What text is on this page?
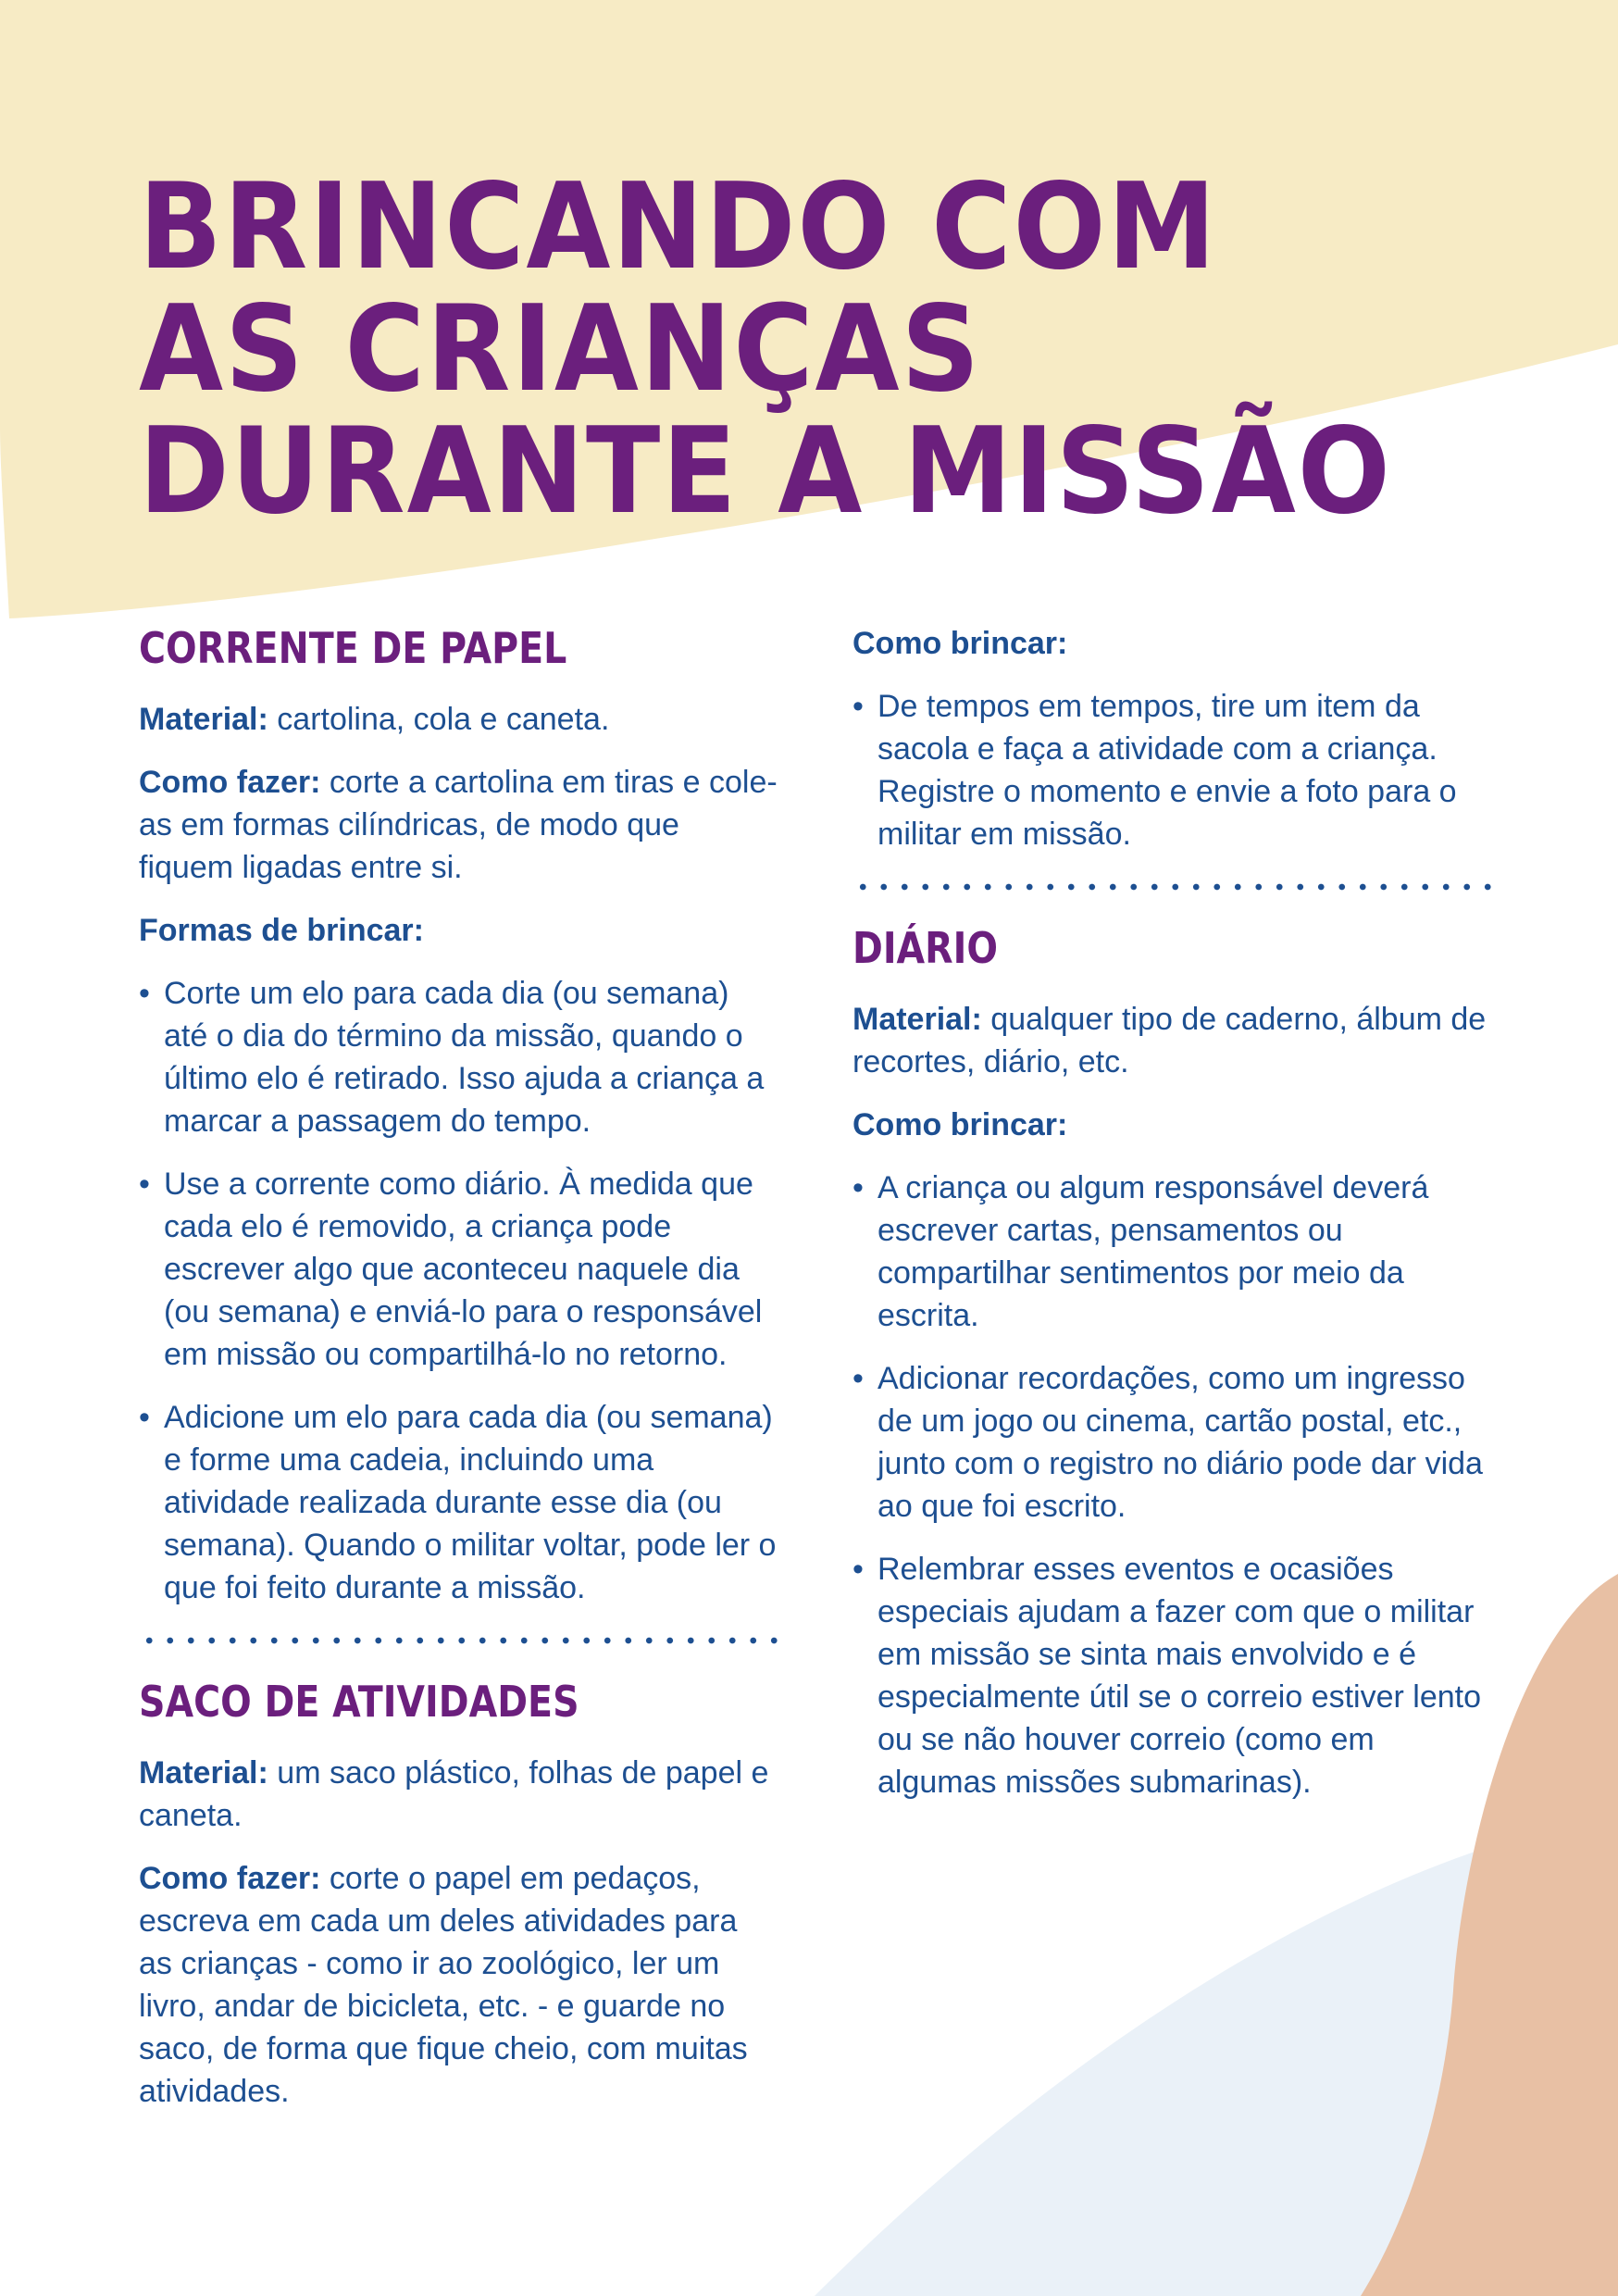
BRINCANDO COM
AS CRIANÇAS
DURANTE A MISSÃO
CORRENTE DE PAPEL

Material: cartolina, cola e caneta.

Como fazer: corte a cartolina em tiras e cole-as em formas cilíndricas, de modo que fiquem ligadas entre si.

Formas de brincar:
• Corte um elo para cada dia (ou semana) até o dia do término da missão, quando o último elo é retirado. Isso ajuda a criança a marcar a passagem do tempo.
• Use a corrente como diário. À medida que cada elo é removido, a criança pode escrever algo que aconteceu naquele dia (ou semana) e enviá-lo para o responsável em missão ou compartilhá-lo no retorno.
• Adicione um elo para cada dia (ou semana) e forme uma cadeia, incluindo uma atividade realizada durante esse dia (ou semana). Quando o militar voltar, pode ler o que foi feito durante a missão.
SACO DE ATIVIDADES

Material: um saco plástico, folhas de papel e caneta.

Como fazer: corte o papel em pedaços, escreva em cada um deles atividades para as crianças - como ir ao zoológico, ler um livro, andar de bicicleta, etc. - e guarde no saco, de forma que fique cheio, com muitas atividades.

Como brincar:
• De tempos em tempos, tire um item da sacola e faça a atividade com a criança. Registre o momento e envie a foto para o militar em missão.
DIÁRIO

Material: qualquer tipo de caderno, álbum de recortes, diário, etc.

Como brincar:
• A criança ou algum responsável deverá escrever cartas, pensamentos ou compartilhar sentimentos por meio da escrita.
• Adicionar recordações, como um ingresso de um jogo ou cinema, cartão postal, etc., junto com o registro no diário pode dar vida ao que foi escrito.
• Relembrar esses eventos e ocasiões especiais ajudam a fazer com que o militar em missão se sinta mais envolvido e é especialmente útil se o correio estiver lento ou se não houver correio (como em algumas missões submarinas).
